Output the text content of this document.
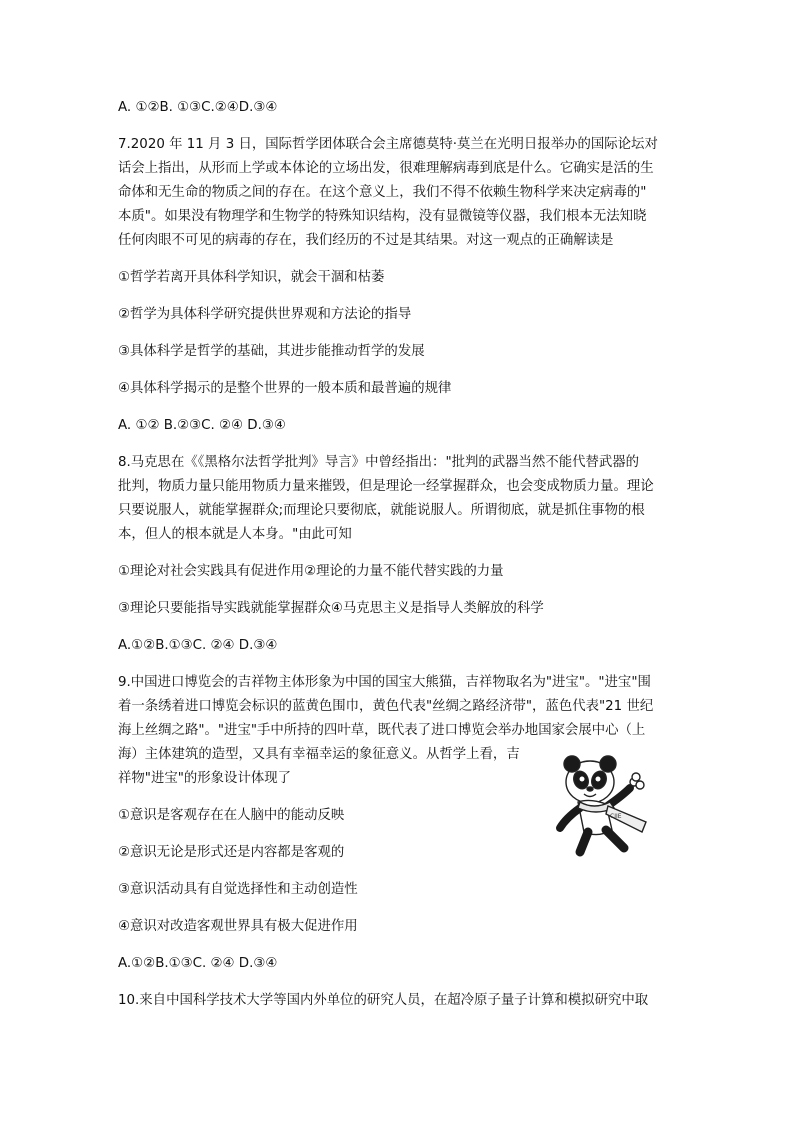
A. ①②B. ①③C.②④D.③④

7.2020 年 11 月 3 日，国际哲学团体联合会主席德莫特·莫兰在光明日报举办的国际论坛对

话会上指出，从形而上学或本体论的立场出发，很难理解病毒到底是什么。它确实是活的生

命体和无生命的物质之间的存在。在这个意义上，我们不得不依赖生物科学来决定病毒的"

本质"。如果没有物理学和生物学的特殊知识结构，没有显微镜等仪器，我们根本无法知晓

任何肉眼不可见的病毒的存在，我们经历的不过是其结果。对这一观点的正确解读是

①哲学若离开具体科学知识，就会干涸和枯萎

②哲学为具体科学研究提供世界观和方法论的指导

③具体科学是哲学的基础，其进步能推动哲学的发展

④具体科学揭示的是整个世界的一般本质和最普遍的规律

A. ①② B.②③C. ②④ D.③④

8.马克思在《《黑格尔法哲学批判》导言》中曾经指出："批判的武器当然不能代替武器的

批判，物质力量只能用物质力量来摧毁，但是理论一经掌握群众，也会变成物质力量。理论

只要说服人，就能掌握群众;而理论只要彻底，就能说服人。所谓彻底，就是抓住事物的根

本，但人的根本就是人本身。"由此可知

①理论对社会实践具有促进作用②理论的力量不能代替实践的力量

③理论只要能指导实践就能掌握群众④马克思主义是指导人类解放的科学

A.①②B.①③C. ②④ D.③④

9.中国进口博览会的吉祥物主体形象为中国的国宝大熊猫，吉祥物取名为"进宝"。"进宝"围

着一条绣着进口博览会标识的蓝黄色围巾，黄色代表"丝绸之路经济带"，蓝色代表"21 世纪

海上丝绸之路"。"进宝"手中所持的四叶草，既代表了进口博览会举办地国家会展中心（上

海）主体建筑的造型，又具有幸福幸运的象征意义。从哲学上看，吉

祥物"进宝"的形象设计体现了

①意识是客观存在在人脑中的能动反映

②意识无论是形式还是内容都是客观的

③意识活动具有自觉选择性和主动创造性

④意识对改造客观世界具有极大促进作用

A.①②B.①③C. ②④ D.③④

10.来自中国科学技术大学等国内外单位的研究人员，在超冷原子量子计算和模拟研究中取

CIIE
